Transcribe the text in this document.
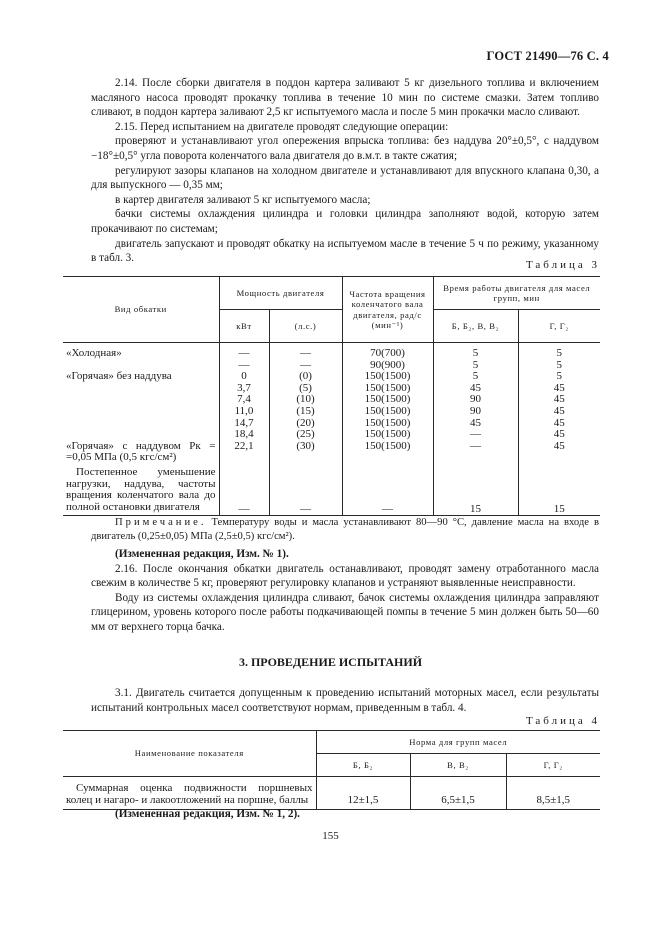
ГОСТ 21490—76 С. 4

2.14. После сборки двигателя в поддон картера заливают 5 кг дизельного топлива и включением масляного насоса проводят прокачку топлива в течение 10 мин по системе смазки. Затем топливо сливают, в поддон картера заливают 2,5 кг испытуемого масла и после 5 мин прокачки масло сливают.

2.15. Перед испытанием на двигателе проводят следующие операции:

проверяют и устанавливают угол опережения впрыска топлива: без наддува 20°±0,5°, с наддувом −18°±0,5° угла поворота коленчатого вала двигателя до в.м.т. в такте сжатия;

регулируют зазоры клапанов на холодном двигателе и устанавливают для впускного клапана 0,30, а для выпускного — 0,35 мм;

в картер двигателя заливают 5 кг испытуемого масла;

бачки системы охлаждения цилиндра и головки цилиндра заполняют водой, которую затем прокачивают по системам;

двигатель запускают и проводят обкатку на испытуемом масле в течение 5 ч по режиму, указанному в табл. 3.

Таблица 3
Вид обкатки	Мощность двигателя		Частота вращения коленчатого вала двигателя, рад/с (мин⁻¹)	Время работы двигателя для масел групп, мин	
	кВт	(л.с.)		Б, Б₂, В, В₂	Г, Г₂
«Холодная»	—	—	70(700)	5	5
	—	—	90(900)	5	5
«Горячая» без наддува	0	(0)	150(1500)	5	5
	3,7	(5)	150(1500)	45	45
	7,4	(10)	150(1500)	90	45
	11,0	(15)	150(1500)	90	45
	14,7	(20)	150(1500)	45	45
	18,4	(25)	150(1500)	—	45

«Горячая» с наддувом Pк = =0,05 МПа (0,5 кгс/см²)	22,1	(30)	150(1500)	—	45

Постепенное уменьшение нагрузки, наддува, частоты вращения коленчатого вала до полной остановки двигателя	—	—	—	15	15

Примечание. Температуру воды и масла устанавливают 80—90 °С, давление масла на входе в двигатель (0,25±0,05) МПа (2,5±0,5) кгс/см²).

(Измененная редакция, Изм. № 1).

2.16. После окончания обкатки двигатель останавливают, проводят замену отработанного масла свежим в количестве 5 кг, проверяют регулировку клапанов и устраняют выявленные неисправности.

Воду из системы охлаждения цилиндра сливают, бачок системы охлаждения цилиндра заправляют глицерином, уровень которого после работы подкачивающей помпы в течение 5 мин должен быть 50—60 мм от верхнего торца бачка.

3. ПРОВЕДЕНИЕ ИСПЫТАНИЙ

3.1. Двигатель считается допущенным к проведению испытаний моторных масел, если результаты испытаний контрольных масел соответствуют нормам, приведенным в табл. 4.

Таблица 4
Наименование показателя	Норма для групп масел		
	Б, Б₂	В, В₂	Г, Г₂

Суммарная оценка подвижности поршневых колец и нагаро- и лакоотложений на поршне, баллы	12±1,5	6,5±1,5	8,5±1,5

(Измененная редакция, Изм. № 1, 2).

155
